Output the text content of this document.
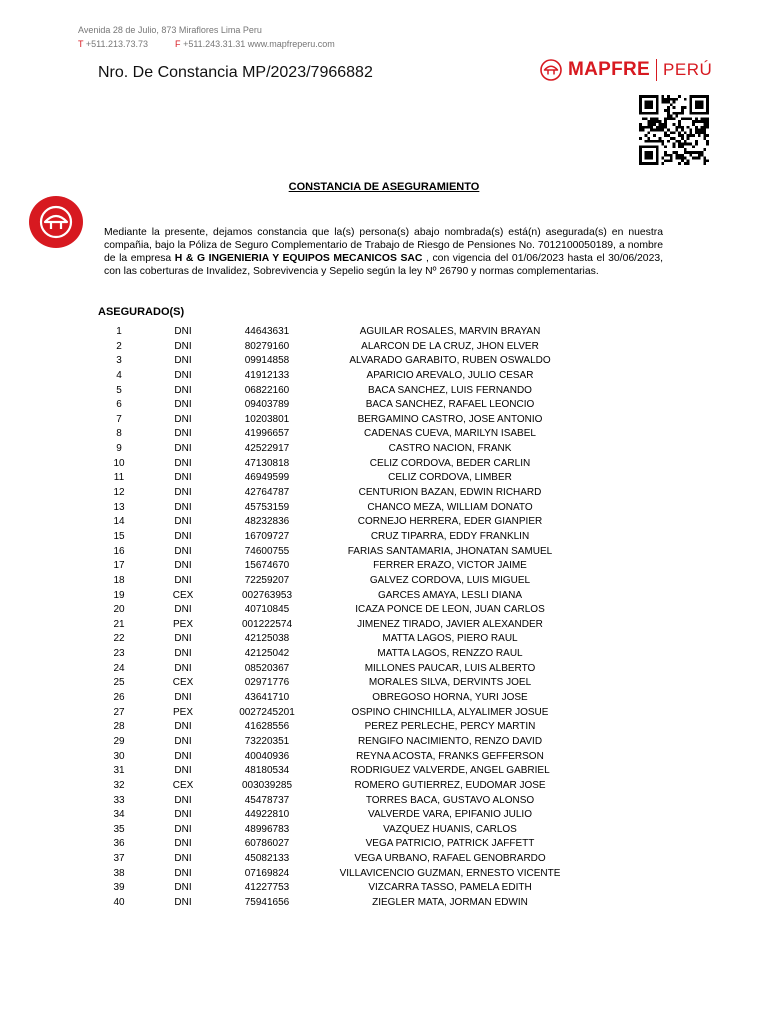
Avenida 28 de Julio, 873 Miraflores Lima Peru
T +511.213.73.73	F +511.243.31.31 www.mapfreperu.com
Nro. De Constancia MP/2023/7966882	MAPFRE PERÚ
CONSTANCIA DE ASEGURAMIENTO
Mediante la presente, dejamos constancia que la(s) persona(s) abajo nombrada(s) está(n) asegurada(s) en nuestra compañia, bajo la Póliza de Seguro Complementario de Trabajo de Riesgo de Pensiones No. 7012100050189, a nombre de la empresa H & G INGENIERIA Y EQUIPOS MECANICOS SAC , con vigencia del 01/06/2023 hasta el 30/06/2023, con las coberturas de Invalidez, Sobrevivencia y Sepelio según la ley Nº 26790 y normas complementarias.
ASEGURADO(S)
1	DNI	44643631	AGUILAR ROSALES, MARVIN BRAYAN
2	DNI	80279160	ALARCON DE LA CRUZ, JHON ELVER
3	DNI	09914858	ALVARADO GARABITO, RUBEN OSWALDO
4	DNI	41912133	APARICIO AREVALO, JULIO CESAR
5	DNI	06822160	BACA SANCHEZ, LUIS FERNANDO
6	DNI	09403789	BACA SANCHEZ, RAFAEL LEONCIO
7	DNI	10203801	BERGAMINO CASTRO, JOSE ANTONIO
8	DNI	41996657	CADENAS CUEVA, MARILYN ISABEL
9	DNI	42522917	CASTRO NACION, FRANK
10	DNI	47130818	CELIZ CORDOVA, BEDER CARLIN
11	DNI	46949599	CELIZ CORDOVA, LIMBER
12	DNI	42764787	CENTURION BAZAN, EDWIN RICHARD
13	DNI	45753159	CHANCO MEZA, WILLIAM DONATO
14	DNI	48232836	CORNEJO HERRERA, EDER GIANPIER
15	DNI	16709727	CRUZ TIPARRA, EDDY FRANKLIN
16	DNI	74600755	FARIAS SANTAMARIA, JHONATAN SAMUEL
17	DNI	15674670	FERRER ERAZO, VICTOR JAIME
18	DNI	72259207	GALVEZ CORDOVA, LUIS MIGUEL
19	CEX	002763953	GARCES AMAYA, LESLI DIANA
20	DNI	40710845	ICAZA PONCE DE LEON, JUAN CARLOS
21	PEX	001222574	JIMENEZ TIRADO, JAVIER ALEXANDER
22	DNI	42125038	MATTA LAGOS, PIERO RAUL
23	DNI	42125042	MATTA LAGOS, RENZZO RAUL
24	DNI	08520367	MILLONES PAUCAR, LUIS ALBERTO
25	CEX	02971776	MORALES SILVA, DERVINTS JOEL
26	DNI	43641710	OBREGOSO HORNA, YURI JOSE
27	PEX	0027245201	OSPINO CHINCHILLA, ALYALIMER JOSUE
28	DNI	41628556	PEREZ PERLECHE, PERCY MARTIN
29	DNI	73220351	RENGIFO NACIMIENTO, RENZO DAVID
30	DNI	40040936	REYNA ACOSTA, FRANKS GEFFERSON
31	DNI	48180534	RODRIGUEZ VALVERDE, ANGEL GABRIEL
32	CEX	003039285	ROMERO GUTIERREZ, EUDOMAR JOSE
33	DNI	45478737	TORRES BACA, GUSTAVO ALONSO
34	DNI	44922810	VALVERDE VARA, EPIFANIO JULIO
35	DNI	48996783	VAZQUEZ HUANIS, CARLOS
36	DNI	60786027	VEGA PATRICIO, PATRICK JAFFETT
37	DNI	45082133	VEGA URBANO, RAFAEL GENOBRARDO
38	DNI	07169824	VILLAVICENCIO GUZMAN, ERNESTO VICENTE
39	DNI	41227753	VIZCARRA TASSO, PAMELA EDITH
40	DNI	75941656	ZIEGLER MATA, JORMAN EDWIN
